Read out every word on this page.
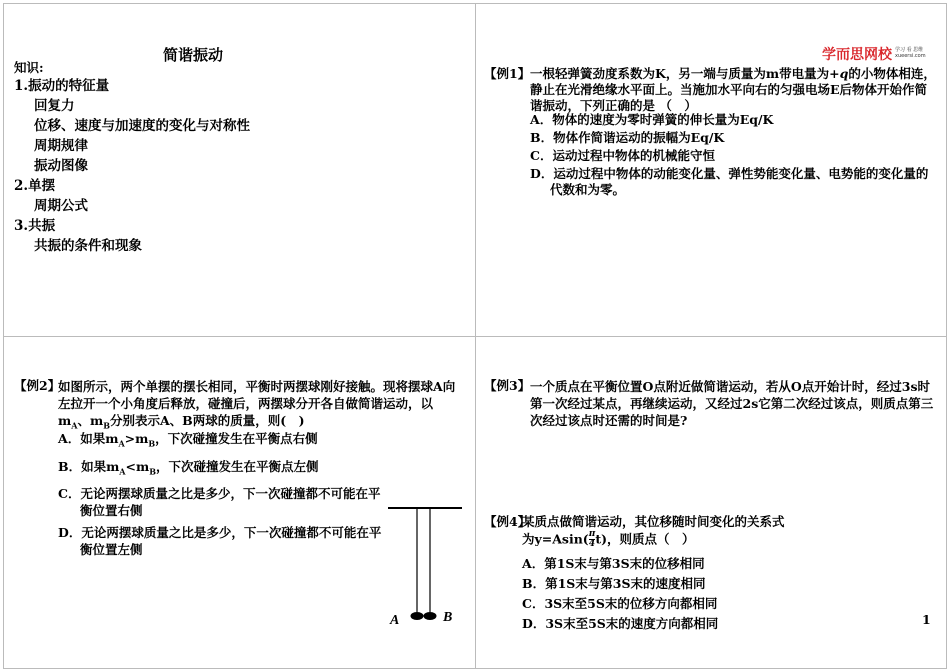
简谐振动
知识:
1.振动的特征量
回复力
位移、速度与加速度的变化与对称性
周期规律
振动图像
2.单摆
周期公式
3.共振
共振的条件和现象
学而思网校 学习 看 思维
xueersi.com
【例1】 一根轻弹簧劲度系数为K，另一端与质量为m带电量为+q的小物体相连，静止在光滑绝缘水平面上。当施加水平向右的匀强电场E后物体开始作简谐振动，下列正确的是 （　）
A．物体的速度为零时弹簧的伸长量为Eq/K
B．物体作简谐运动的振幅为Eq/K
C．运动过程中物体的机械能守恒
D．运动过程中物体的动能变化量、弹性势能变化量、电势能的变化量的代数和为零。
【例2】
如图所示，两个单摆的摆长相同，平衡时两摆球刚好接触。现将摆球A向左拉开一个小角度后释放，碰撞后，两摆球分开各自做简谐运动，以$m_A$、$m_B$分别表示A、B两球的质量，则(　)
A．如果$m_A>m_B$，下次碰撞发生在平衡点右侧
B．如果$m_A<m_B$，下次碰撞发生在平衡点左侧
C．无论两摆球质量之比是多少，下一次碰撞都不可能在平衡位置右侧
D．无论两摆球质量之比是多少，下一次碰撞都不可能在平衡位置左侧
A	B
【例3】 一个质点在平衡位置O点附近做简谐运动，若从O点开始计时，经过3s时第一次经过某点，再继续运动，又经过2s它第二次经过该点，则质点第三次经过该点时还需的时间是?
【例4】
某质点做简谐运动，其位移随时间变化的关系式
为$y=Asin( \frac{\pi}{4} t)$，则质点（　）
A．第1S末与第3S末的位移相同
B．第1S末与第3S末的速度相同
C．3S末至5S末的位移方向都相同
D．3S末至5S末的速度方向都相同	1
